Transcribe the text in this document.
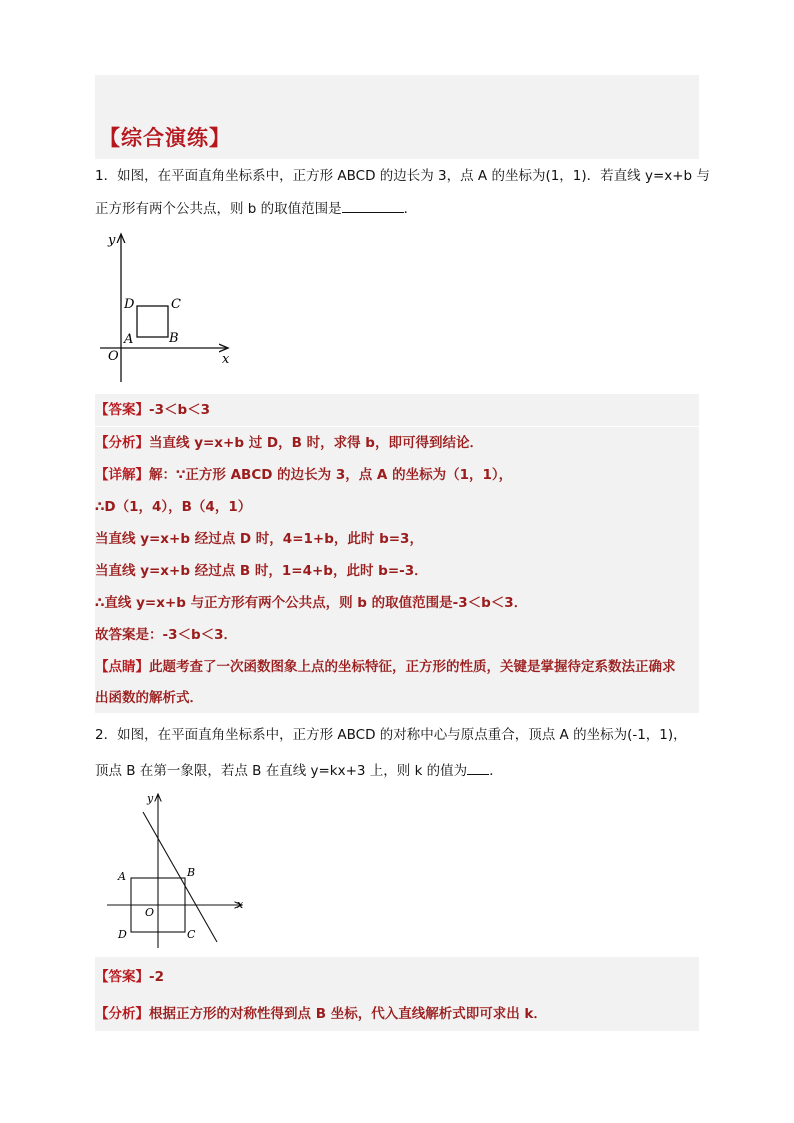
【综合演练】
1．如图，在平面直角坐标系中，正方形 ABCD 的边长为 3，点 A 的坐标为(1，1)．若直线 y=x+b 与
正方形有两个公共点，则 b 的取值范围是	．
y
x
O
A	B
C
D
【答案】-3＜b＜3
【分析】当直线 y=x+b 过 D，B 时，求得 b，即可得到结论．
【详解】解：∵正方形 ABCD 的边长为 3，点 A 的坐标为（1，1），
∴D（1，4），B（4，1）
当直线 y=x+b 经过点 D 时，4=1+b，此时 b=3，
当直线 y=x+b 经过点 B 时，1=4+b，此时 b=-3．
∴直线 y=x+b 与正方形有两个公共点，则 b 的取值范围是-3＜b＜3．
故答案是：-3＜b＜3．
【点睛】此题考查了一次函数图象上点的坐标特征，正方形的性质，关键是掌握待定系数法正确求
出函数的解析式．
2．如图，在平面直角坐标系中，正方形 ABCD 的对称中心与原点重合，顶点 A 的坐标为(-1，1)，
顶点 B 在第一象限，若点 B 在直线 y=kx+3 上，则 k 的值为 ．
y
x
O
A	B
C
D
【答案】-2
【分析】根据正方形的对称性得到点 B 坐标，代入直线解析式即可求出 k．
